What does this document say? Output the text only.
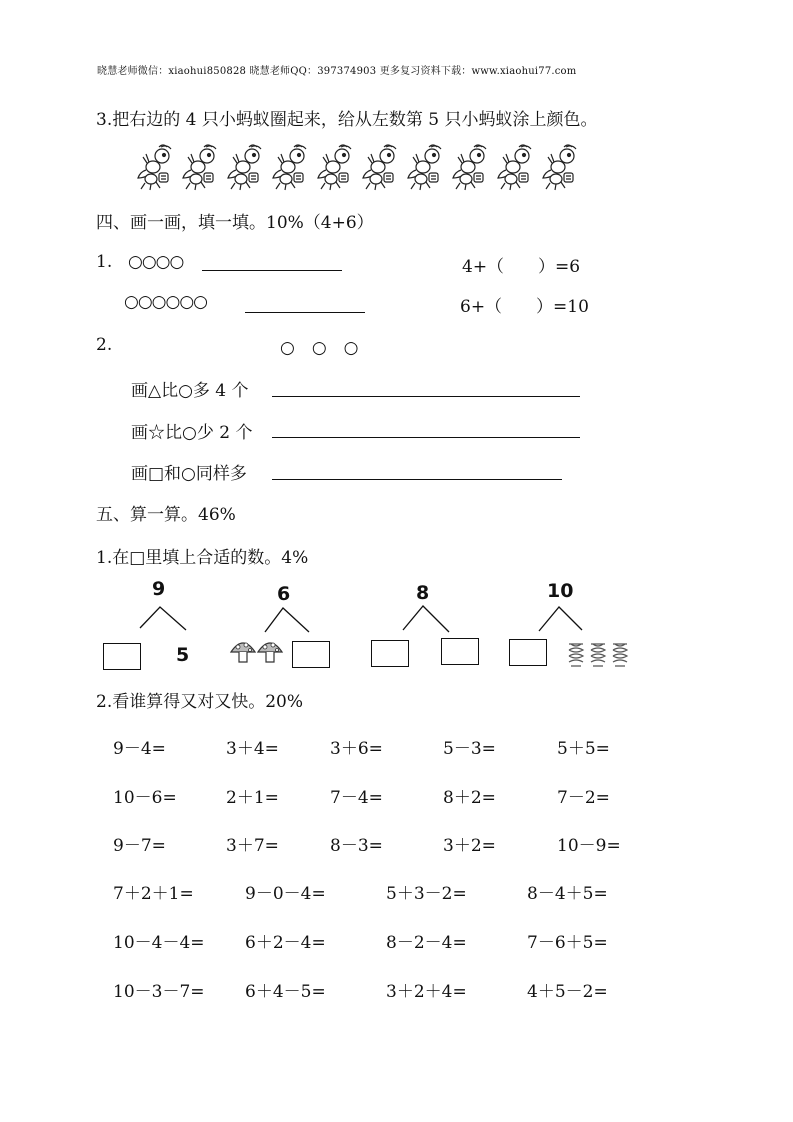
晓慧老师微信：xiaohui850828 晓慧老师QQ：397374903 更多复习资料下载：www.xiaohui77.com
3.把右边的 4 只小蚂蚁圈起来，给从左数第 5 只小蚂蚁涂上颜色。
四、画一画，填一填。10%（4+6）
1. ○○○○	4+（　　）=6
○○○○○○	6+（　　）=10
2.	○　○　○
画△比○多 4 个
画☆比○少 2 个
画□和○同样多
五、算一算。46%
1.在□里填上合适的数。4%
9
5
6	8	10
2.看谁算得又对又快。20%
9－4=	3＋4=	3＋6=	5－3=	5＋5=
10－6=	2＋1=	7－4=	8＋2=	7－2=
9－7=	3＋7=	8－3=	3＋2=	10－9=
7＋2＋1=	9－0－4=	5＋3－2=	8－4＋5=
10－4－4= 6＋2－4=	8－2－4=	7－6＋5=
10－3－7= 6＋4－5=	3＋2＋4=	4＋5－2=
